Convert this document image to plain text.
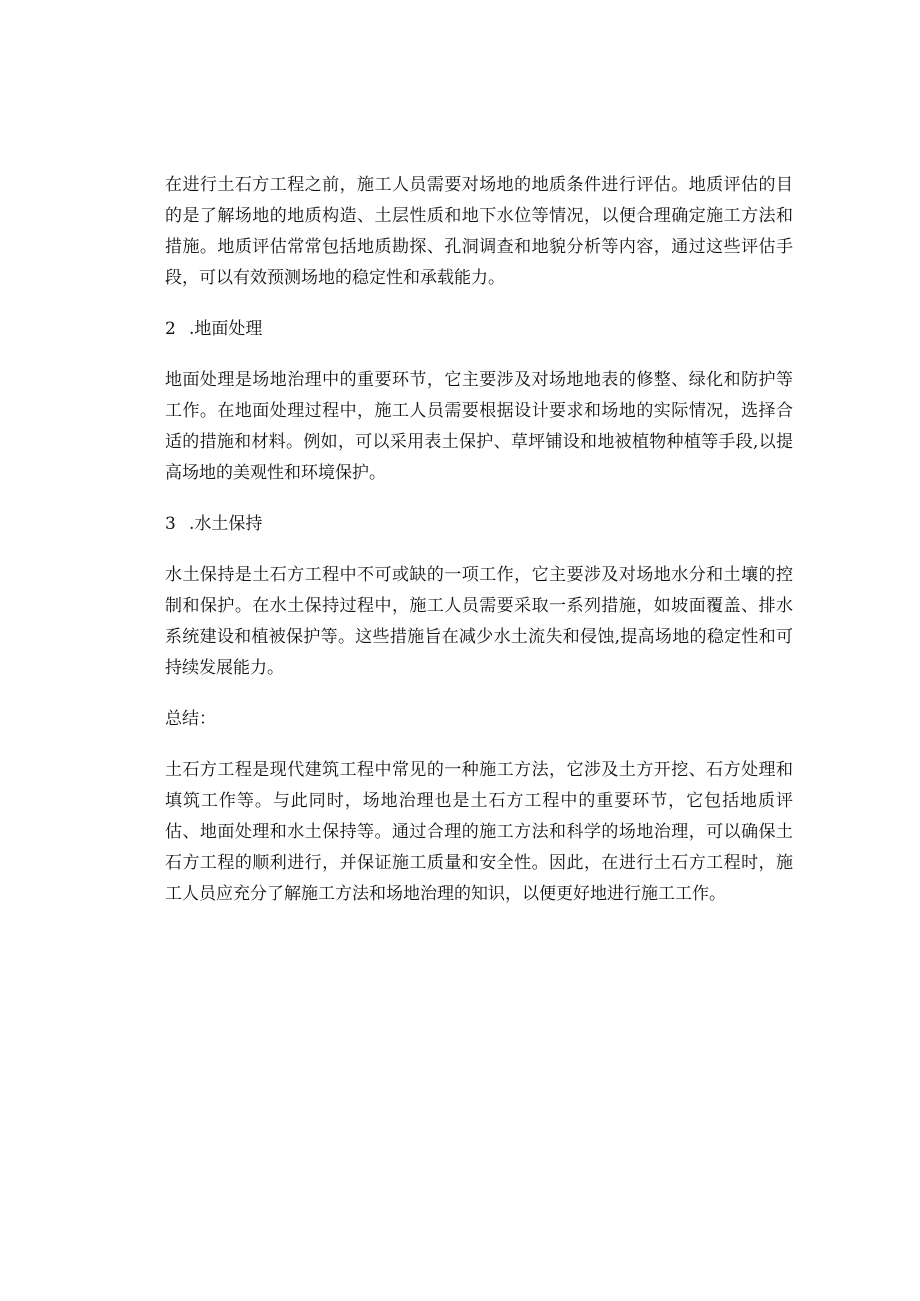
在进行土石方工程之前，施工人员需要对场地的地质条件进行评估。地质评估的目的是了解场地的地质构造、土层性质和地下水位等情况，以便合理确定施工方法和措施。地质评估常常包括地质勘探、孔洞调查和地貌分析等内容，通过这些评估手段，可以有效预测场地的稳定性和承载能力。

2 .地面处理

地面处理是场地治理中的重要环节，它主要涉及对场地地表的修整、绿化和防护等工作。在地面处理过程中，施工人员需要根据设计要求和场地的实际情况，选择合适的措施和材料。例如，可以采用表土保护、草坪铺设和地被植物种植等手段,以提高场地的美观性和环境保护。

3 .水土保持

水土保持是土石方工程中不可或缺的一项工作，它主要涉及对场地水分和土壤的控制和保护。在水土保持过程中，施工人员需要采取一系列措施，如坡面覆盖、排水系统建设和植被保护等。这些措施旨在减少水土流失和侵蚀,提高场地的稳定性和可持续发展能力。

总结：

土石方工程是现代建筑工程中常见的一种施工方法，它涉及土方开挖、石方处理和填筑工作等。与此同时，场地治理也是土石方工程中的重要环节，它包括地质评估、地面处理和水土保持等。通过合理的施工方法和科学的场地治理，可以确保土石方工程的顺利进行，并保证施工质量和安全性。因此，在进行土石方工程时，施工人员应充分了解施工方法和场地治理的知识，以便更好地进行施工工作。
